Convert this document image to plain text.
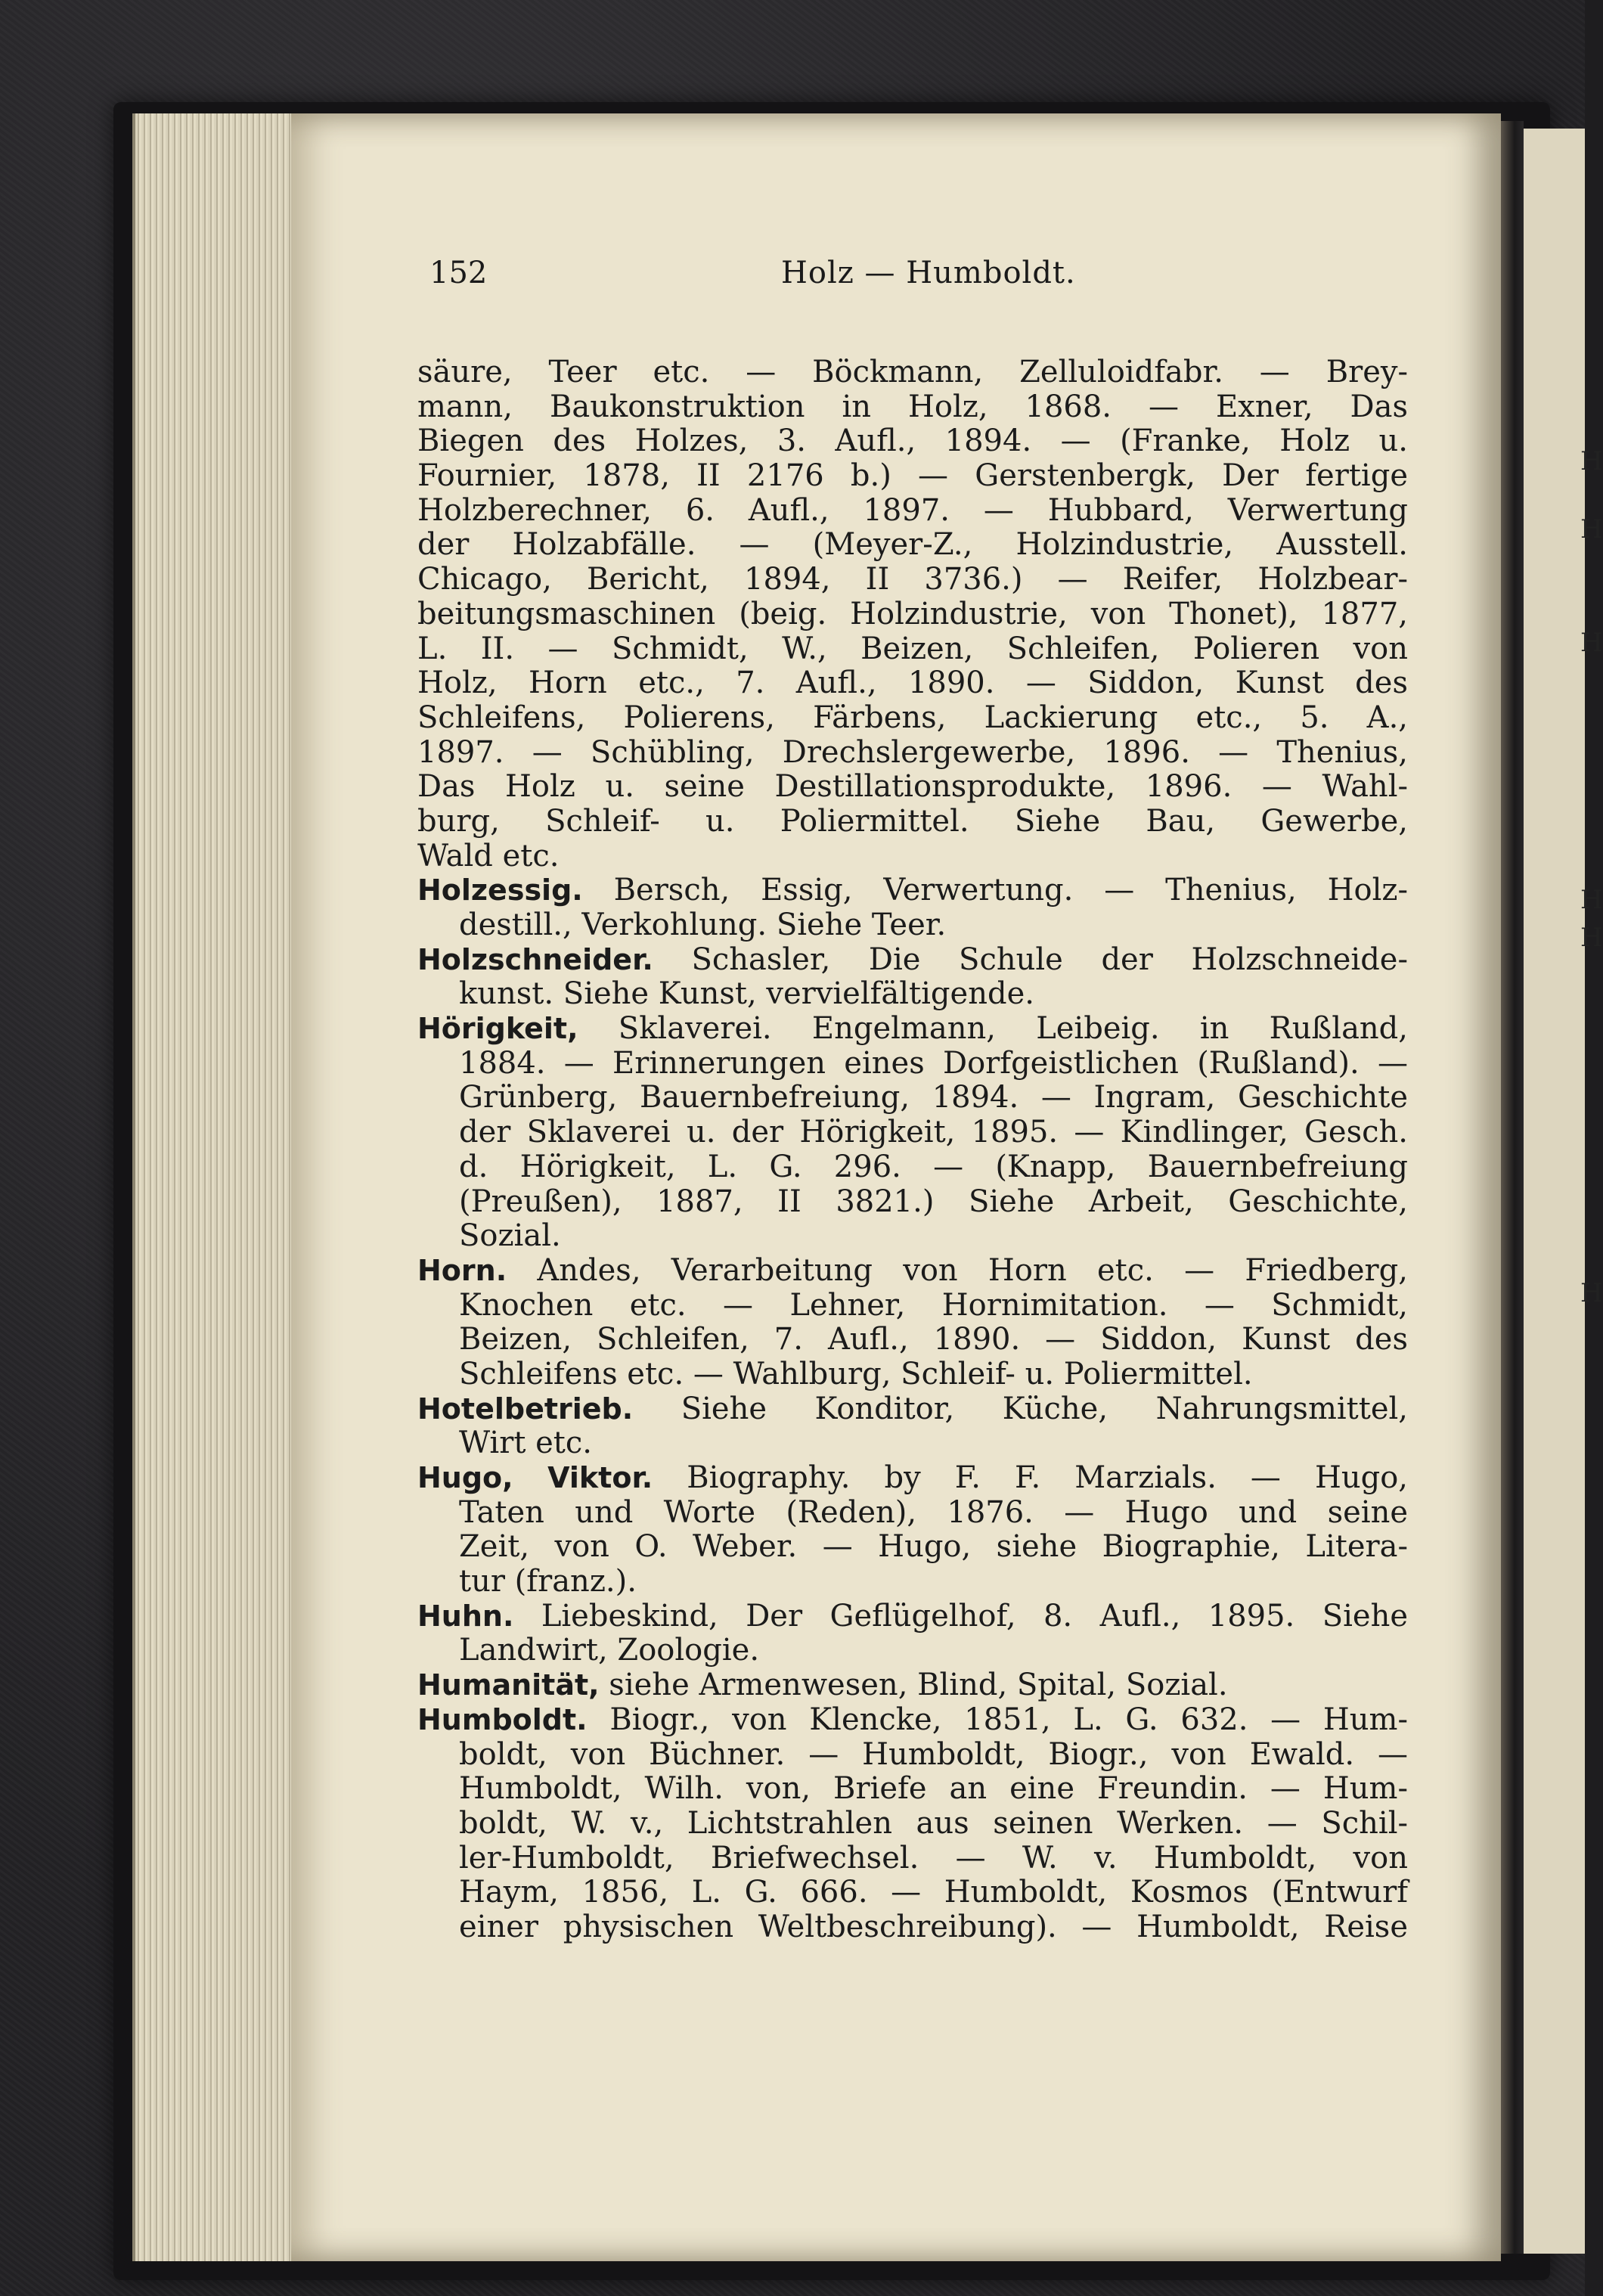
H
H
H
H
H
H
152	Holz — Humboldt.
säure, Teer etc. — Böckmann, Zelluloidfabr. — Brey-
mann, Baukonstruktion in Holz, 1868. — Exner, Das
Biegen des Holzes, 3. Aufl., 1894. — (Franke, Holz u.
Fournier, 1878, II 2176 b.) — Gerstenbergk, Der fertige
Holzberechner, 6. Aufl., 1897. — Hubbard, Verwertung
der Holzabfälle. — (Meyer-Z., Holzindustrie, Ausstell.
Chicago, Bericht, 1894, II 3736.) — Reifer, Holzbear-
beitungsmaschinen (beig. Holzindustrie, von Thonet), 1877,
L. II. — Schmidt, W., Beizen, Schleifen, Polieren von
Holz, Horn etc., 7. Aufl., 1890. — Siddon, Kunst des
Schleifens, Polierens, Färbens, Lackierung etc., 5. A.,
1897. — Schübling, Drechslergewerbe, 1896. — Thenius,
Das Holz u. seine Destillationsprodukte, 1896. — Wahl-
burg, Schleif- u. Poliermittel. Siehe Bau, Gewerbe,
Wald etc.
Holzessig. Bersch, Essig, Verwertung. — Thenius, Holz-
destill., Verkohlung. Siehe Teer.
Holzschneider. Schasler, Die Schule der Holzschneide-
kunst. Siehe Kunst, vervielfältigende.
Hörigkeit, Sklaverei. Engelmann, Leibeig. in Rußland,
1884. — Erinnerungen eines Dorfgeistlichen (Rußland). —
Grünberg, Bauernbefreiung, 1894. — Ingram, Geschichte
der Sklaverei u. der Hörigkeit, 1895. — Kindlinger, Gesch.
d. Hörigkeit, L. G. 296. — (Knapp, Bauernbefreiung
(Preußen), 1887, II 3821.) Siehe Arbeit, Geschichte,
Sozial.
Horn. Andes, Verarbeitung von Horn etc. — Friedberg,
Knochen etc. — Lehner, Hornimitation. — Schmidt,
Beizen, Schleifen, 7. Aufl., 1890. — Siddon, Kunst des
Schleifens etc. — Wahlburg, Schleif- u. Poliermittel.
Hotelbetrieb. Siehe Konditor, Küche, Nahrungsmittel,
Wirt etc.
Hugo, Viktor. Biography. by F. F. Marzials. — Hugo,
Taten und Worte (Reden), 1876. — Hugo und seine
Zeit, von O. Weber. — Hugo, siehe Biographie, Litera-
tur (franz.).
Huhn. Liebeskind, Der Geflügelhof, 8. Aufl., 1895. Siehe
Landwirt, Zoologie.
Humanität, siehe Armenwesen, Blind, Spital, Sozial.
Humboldt. Biogr., von Klencke, 1851, L. G. 632. — Hum-
boldt, von Büchner. — Humboldt, Biogr., von Ewald. —
Humboldt, Wilh. von, Briefe an eine Freundin. — Hum-
boldt, W. v., Lichtstrahlen aus seinen Werken. — Schil-
ler-Humboldt, Briefwechsel. — W. v. Humboldt, von
Haym, 1856, L. G. 666. — Humboldt, Kosmos (Entwurf
einer physischen Weltbeschreibung). — Humboldt, Reise
